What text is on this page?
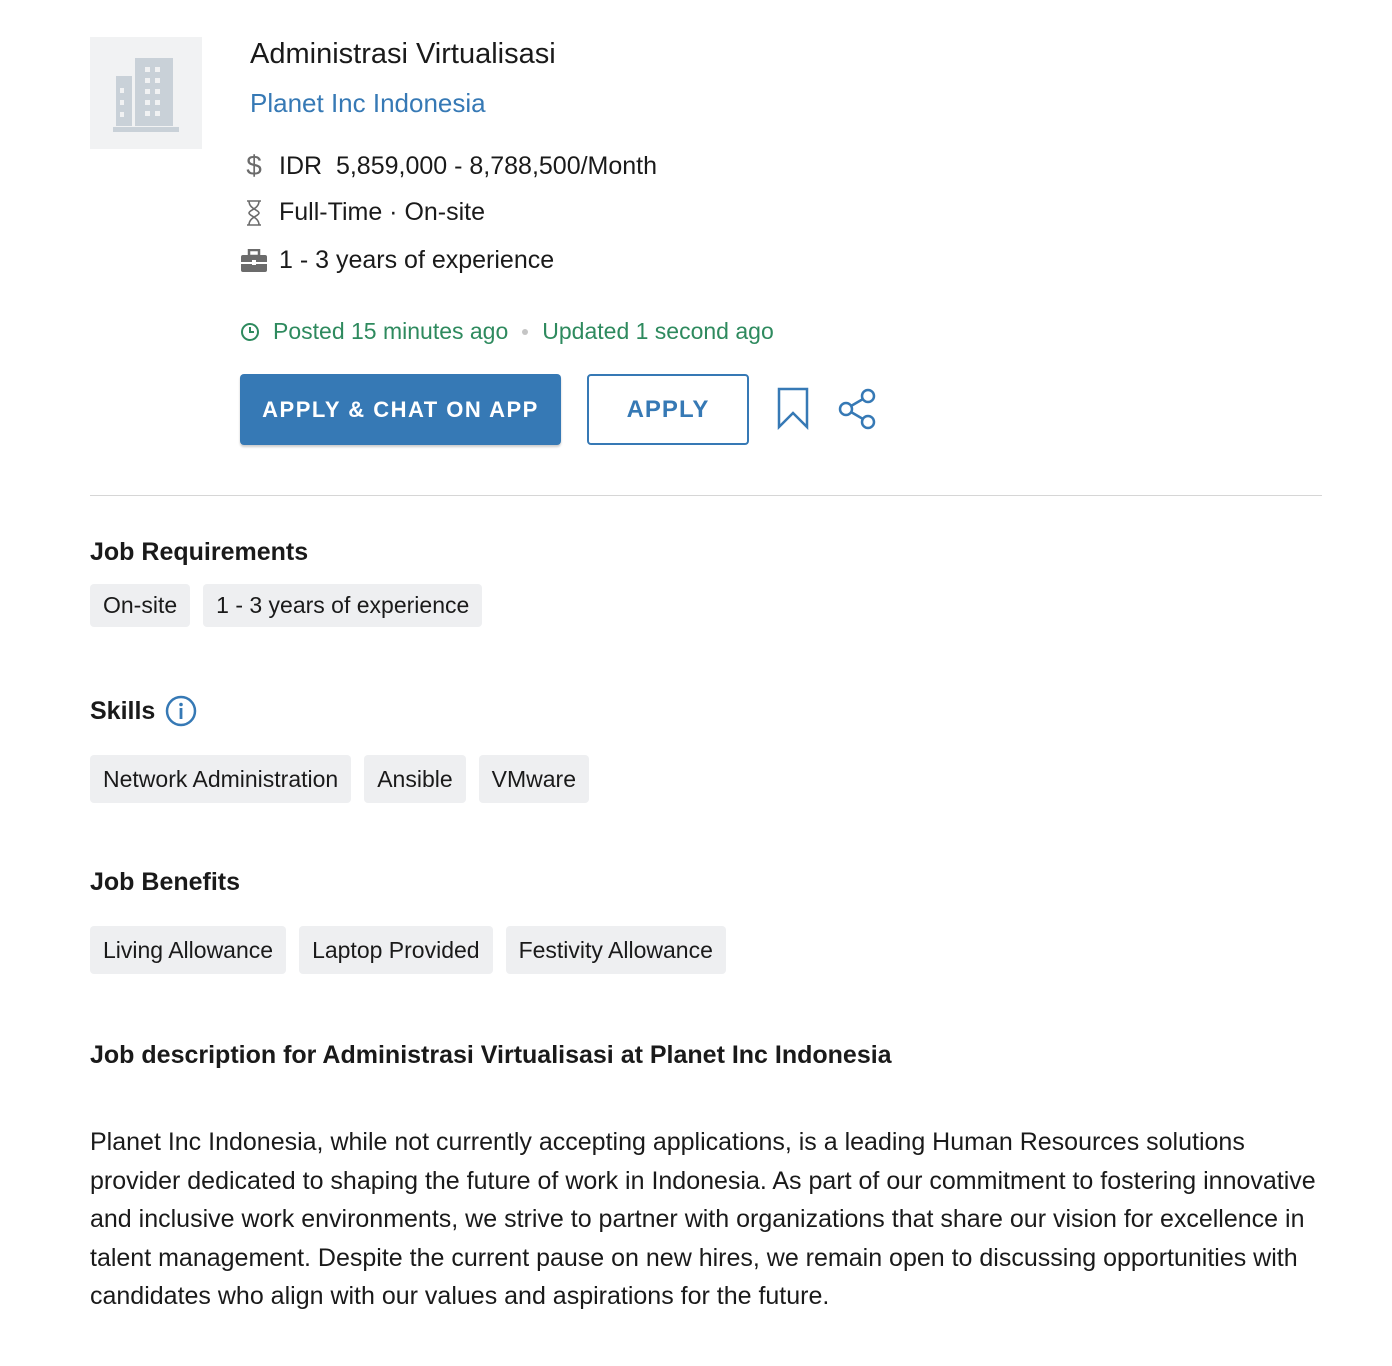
Administrasi Virtualisasi
Planet Inc Indonesia
$ IDR  5,859,000 - 8,788,500/Month
Full-Time · On-site
1 - 3 years of experience
Posted 15 minutes ago Updated 1 second ago
APPLY & CHAT ON APP	APPLY
Job Requirements
On-site	1 - 3 years of experience
Skills
Network Administration	Ansible	VMware
Job Benefits
Living Allowance	Laptop Provided	Festivity Allowance
Job description for Administrasi Virtualisasi at Planet Inc Indonesia

Planet Inc Indonesia, while not currently accepting applications, is a leading Human Resources solutions provider dedicated to shaping the future of work in Indonesia. As part of our commitment to fostering innovative and inclusive work environments, we strive to partner with organizations that share our vision for excellence in talent management. Despite the current pause on new hires, we remain open to discussing opportunities with candidates who align with our values and aspirations for the future.
